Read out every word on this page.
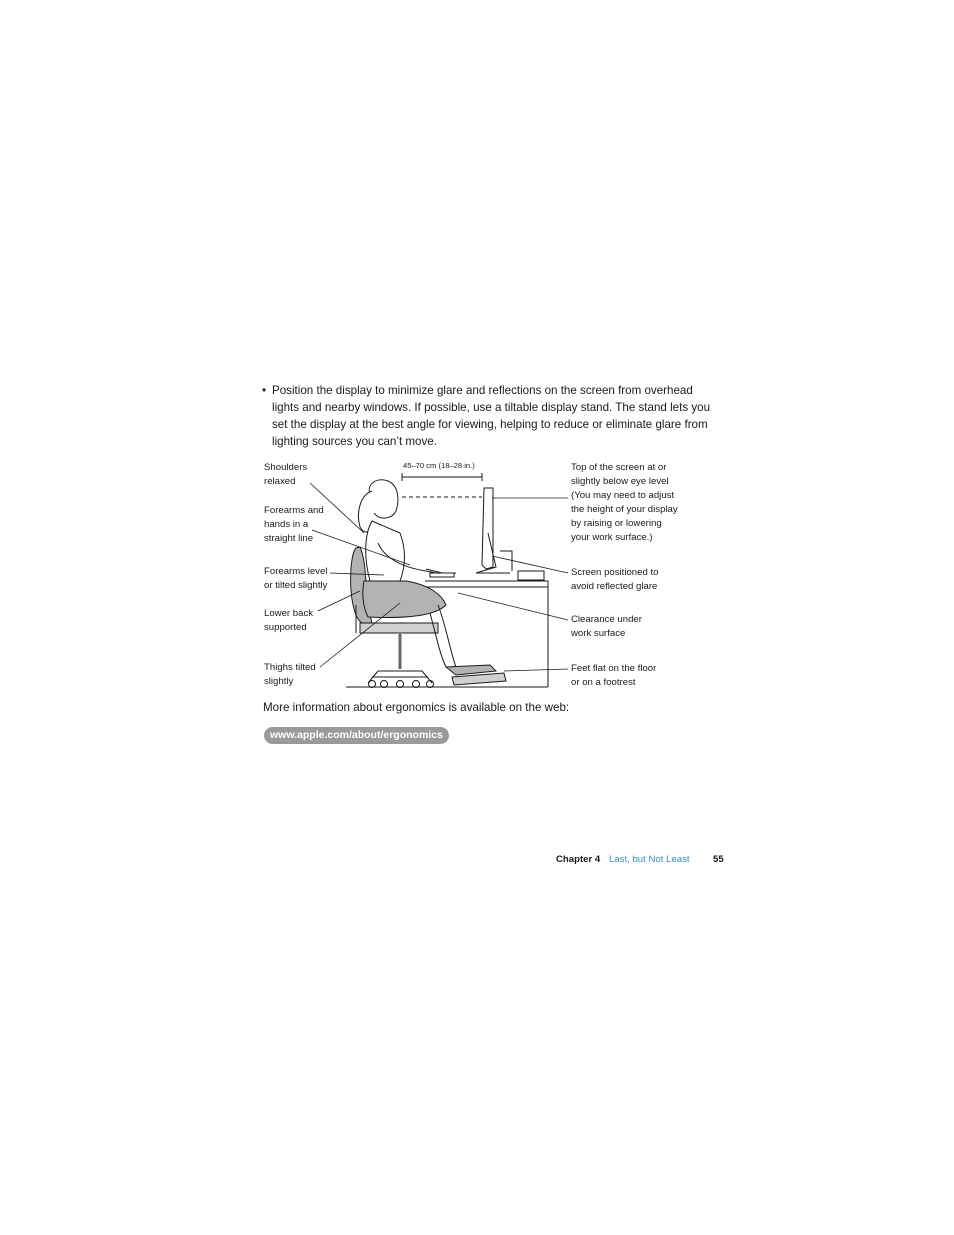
• Position the display to minimize glare and reflections on the screen from overhead lights and nearby windows. If possible, use a tiltable display stand. The stand lets you set the display at the best angle for viewing, helping to reduce or eliminate glare from lighting sources you can’t move.
45–70 cm (18–28 in.)
Shoulders
relaxed
Forearms and
hands in a
straight line
Forearms level
or tilted slightly
Lower back
supported
Thighs tilted
slightly
Top of the screen at or
slightly below eye level
(You may need to adjust
the height of your display
by raising or lowering
your work surface.)
Screen positioned to
avoid reflected glare
Clearance under
work surface
Feet flat on the floor
or on a footrest
More information about ergonomics is available on the web:
www.apple.com/about/ergonomics
Chapter 4 Last, but Not Least 55
